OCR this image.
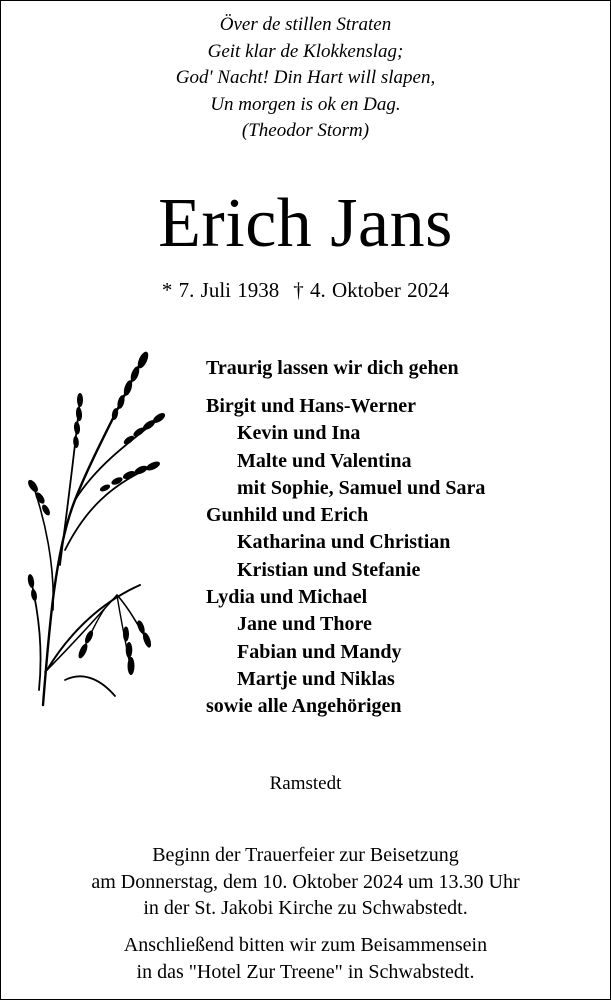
Över de stillen Straten
Geit klar de Klokkenslag;
God' Nacht! Din Hart will slapen,
Un morgen is ok en Dag.
(Theodor Storm)
Erich Jans
* 7. Juli 1938 † 4. Oktober 2024
Traurig lassen wir dich gehen
Birgit und Hans-Werner
Kevin und Ina
Malte und Valentina
mit Sophie, Samuel und Sara
Gunhild und Erich
Katharina und Christian
Kristian und Stefanie
Lydia und Michael
Jane und Thore
Fabian und Mandy
Martje und Niklas
sowie alle Angehörigen
Ramstedt
Beginn der Trauerfeier zur Beisetzung
am Donnerstag, dem 10. Oktober 2024 um 13.30 Uhr
in der St. Jakobi Kirche zu Schwabstedt.
Anschließend bitten wir zum Beisammensein
in das "Hotel Zur Treene" in Schwabstedt.
